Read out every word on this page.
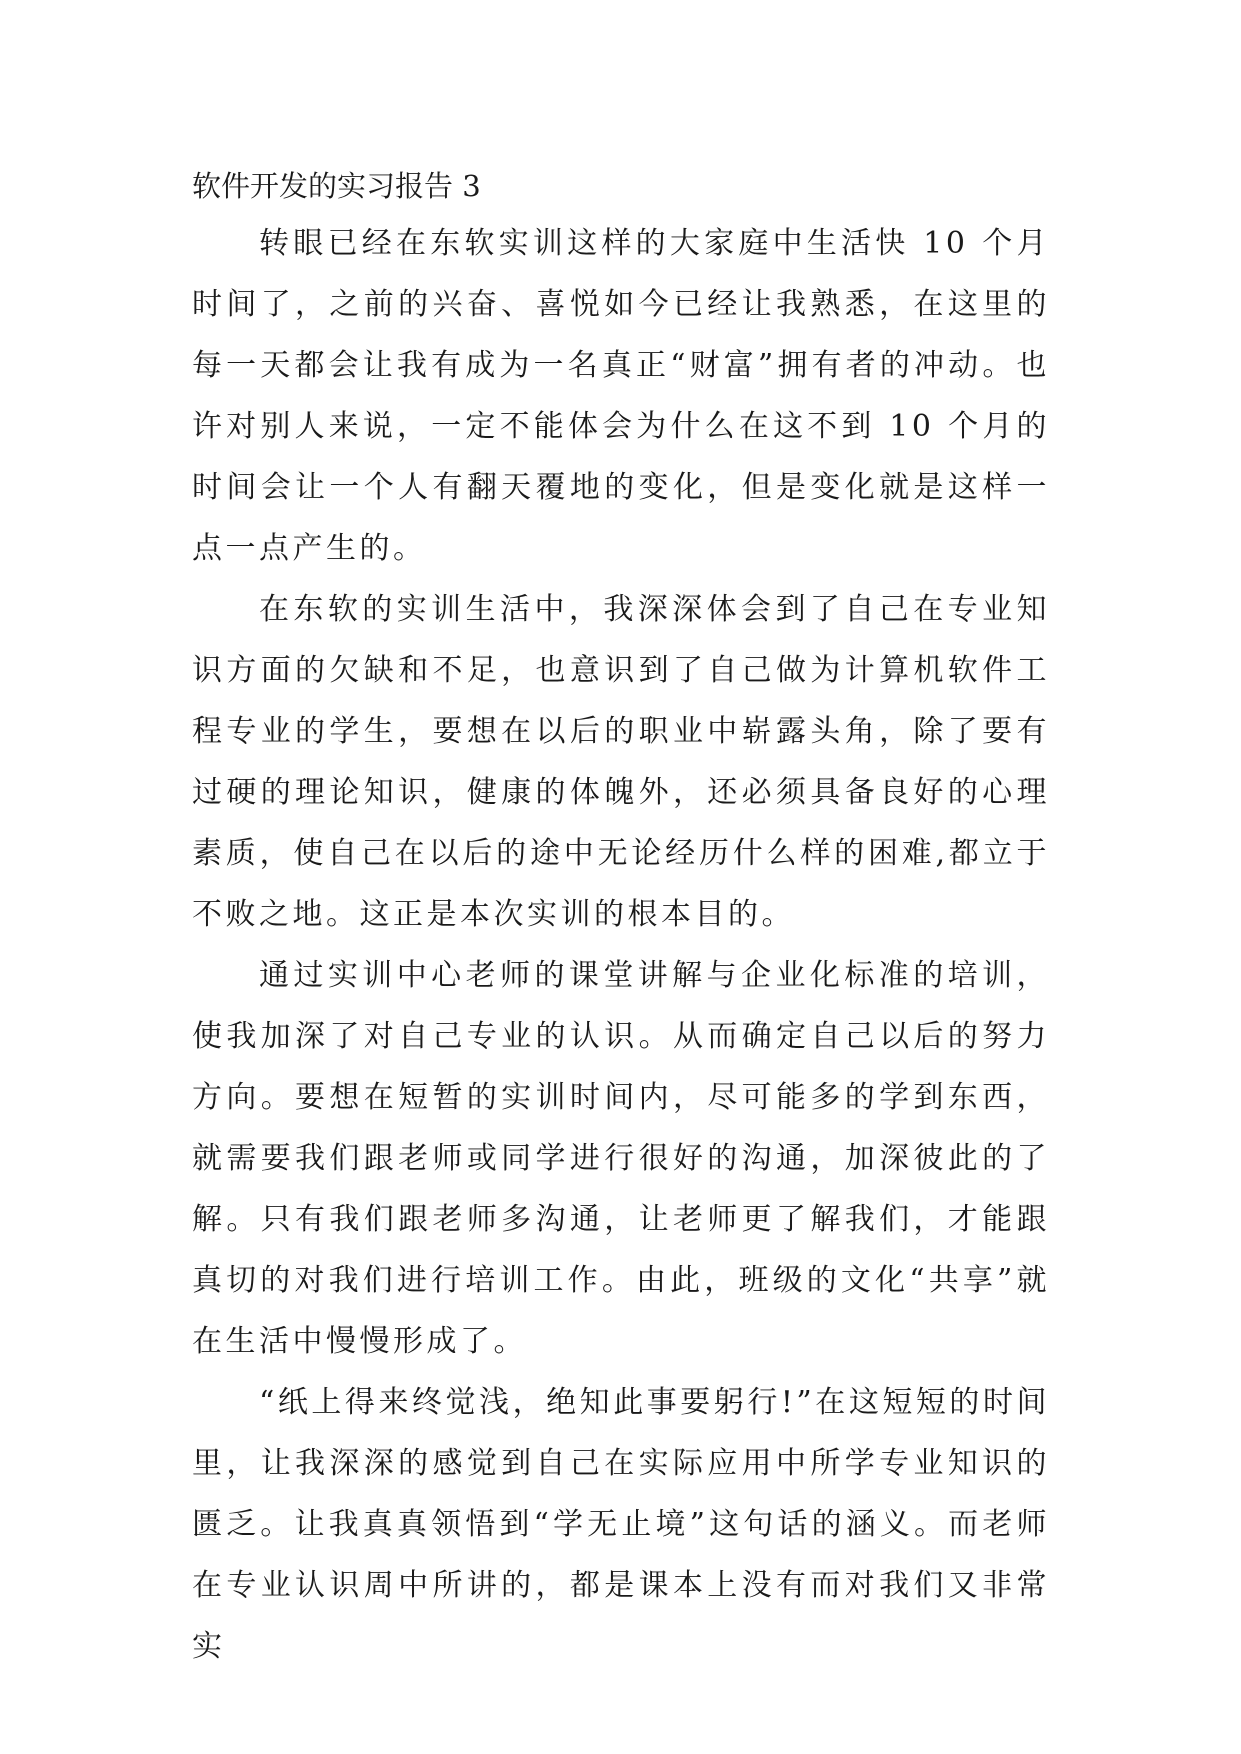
软件开发的实习报告 3

转眼已经在东软实训这样的大家庭中生活快 10 个月时间了，之前的兴奋、喜悦如今已经让我熟悉，在这里的每一天都会让我有成为一名真正“财富”拥有者的冲动。也许对别人来说，一定不能体会为什么在这不到 10 个月的时间会让一个人有翻天覆地的变化，但是变化就是这样一点一点产生的。

在东软的实训生活中，我深深体会到了自己在专业知识方面的欠缺和不足，也意识到了自己做为计算机软件工程专业的学生，要想在以后的职业中崭露头角，除了要有过硬的理论知识，健康的体魄外，还必须具备良好的心理素质，使自己在以后的途中无论经历什么样的困难,都立于不败之地。这正是本次实训的根本目的。

通过实训中心老师的课堂讲解与企业化标准的培训，使我加深了对自己专业的认识。从而确定自己以后的努力方向。要想在短暂的实训时间内，尽可能多的学到东西，就需要我们跟老师或同学进行很好的沟通，加深彼此的了解。只有我们跟老师多沟通，让老师更了解我们，才能跟真切的对我们进行培训工作。由此，班级的文化“共享”就在生活中慢慢形成了。

“纸上得来终觉浅，绝知此事要躬行!”在这短短的时间里，让我深深的感觉到自己在实际应用中所学专业知识的匮乏。让我真真领悟到“学无止境”这句话的涵义。而老师在专业认识周中所讲的，都是课本上没有而对我们又非常实
